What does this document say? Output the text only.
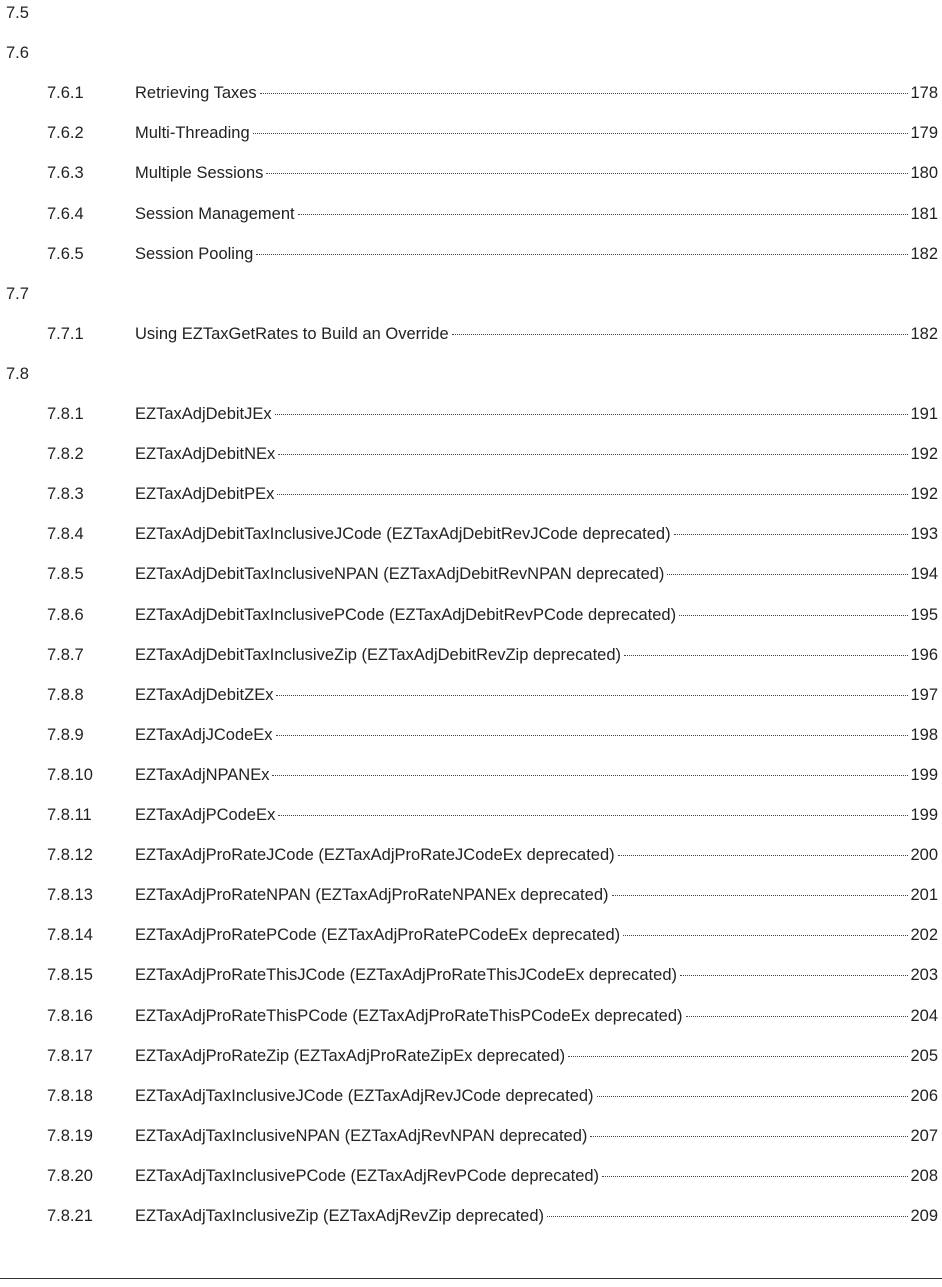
7.5
7.6
7.6.1	Retrieving Taxes	178
7.6.2	Multi-Threading	179
7.6.3	Multiple Sessions	180
7.6.4	Session Management	181
7.6.5	Session Pooling	182
7.7
7.7.1	Using EZTaxGetRates to Build an Override	182
7.8
7.8.1	EZTaxAdjDebitJEx	191
7.8.2	EZTaxAdjDebitNEx	192
7.8.3	EZTaxAdjDebitPEx	192
7.8.4	EZTaxAdjDebitTaxInclusiveJCode (EZTaxAdjDebitRevJCode deprecated)	193
7.8.5	EZTaxAdjDebitTaxInclusiveNPAN (EZTaxAdjDebitRevNPAN deprecated)	194
7.8.6	EZTaxAdjDebitTaxInclusivePCode (EZTaxAdjDebitRevPCode deprecated)	195
7.8.7	EZTaxAdjDebitTaxInclusiveZip (EZTaxAdjDebitRevZip deprecated)	196
7.8.8	EZTaxAdjDebitZEx	197
7.8.9	EZTaxAdjJCodeEx	198
7.8.10	EZTaxAdjNPANEx	199
7.8.11	EZTaxAdjPCodeEx	199
7.8.12	EZTaxAdjProRateJCode (EZTaxAdjProRateJCodeEx deprecated)	200
7.8.13	EZTaxAdjProRateNPAN (EZTaxAdjProRateNPANEx deprecated)	201
7.8.14	EZTaxAdjProRatePCode (EZTaxAdjProRatePCodeEx deprecated)	202
7.8.15	EZTaxAdjProRateThisJCode (EZTaxAdjProRateThisJCodeEx deprecated)	203
7.8.16	EZTaxAdjProRateThisPCode (EZTaxAdjProRateThisPCodeEx deprecated)	204
7.8.17	EZTaxAdjProRateZip (EZTaxAdjProRateZipEx deprecated)	205
7.8.18	EZTaxAdjTaxInclusiveJCode (EZTaxAdjRevJCode deprecated)	206
7.8.19	EZTaxAdjTaxInclusiveNPAN (EZTaxAdjRevNPAN deprecated)	207
7.8.20	EZTaxAdjTaxInclusivePCode (EZTaxAdjRevPCode deprecated)	208
7.8.21	EZTaxAdjTaxInclusiveZip (EZTaxAdjRevZip deprecated)	209
